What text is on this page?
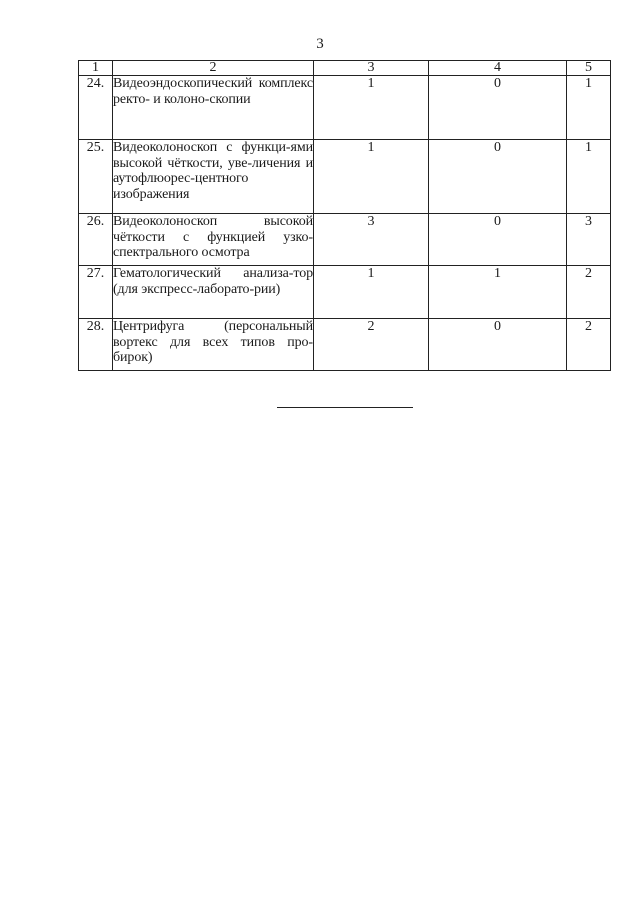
3
1	2	3	4	5
24.	Видеоэндоскопический комплекс ректо- и колоно-скопии	1	0	1
25.	Видеоколоноскоп с функци-ями высокой чёткости, уве-личения и аутофлюорес-центного изображения	1	0	1
26.	Видеоколоноскоп высокой чёткости с функцией узко-спектрального осмотра	3	0	3
27.	Гематологический анализа-тор (для экспресс-лаборато-рии)	1	1	2
28.	Центрифуга (персональный вортекс для всех типов про-бирок)	2	0	2
